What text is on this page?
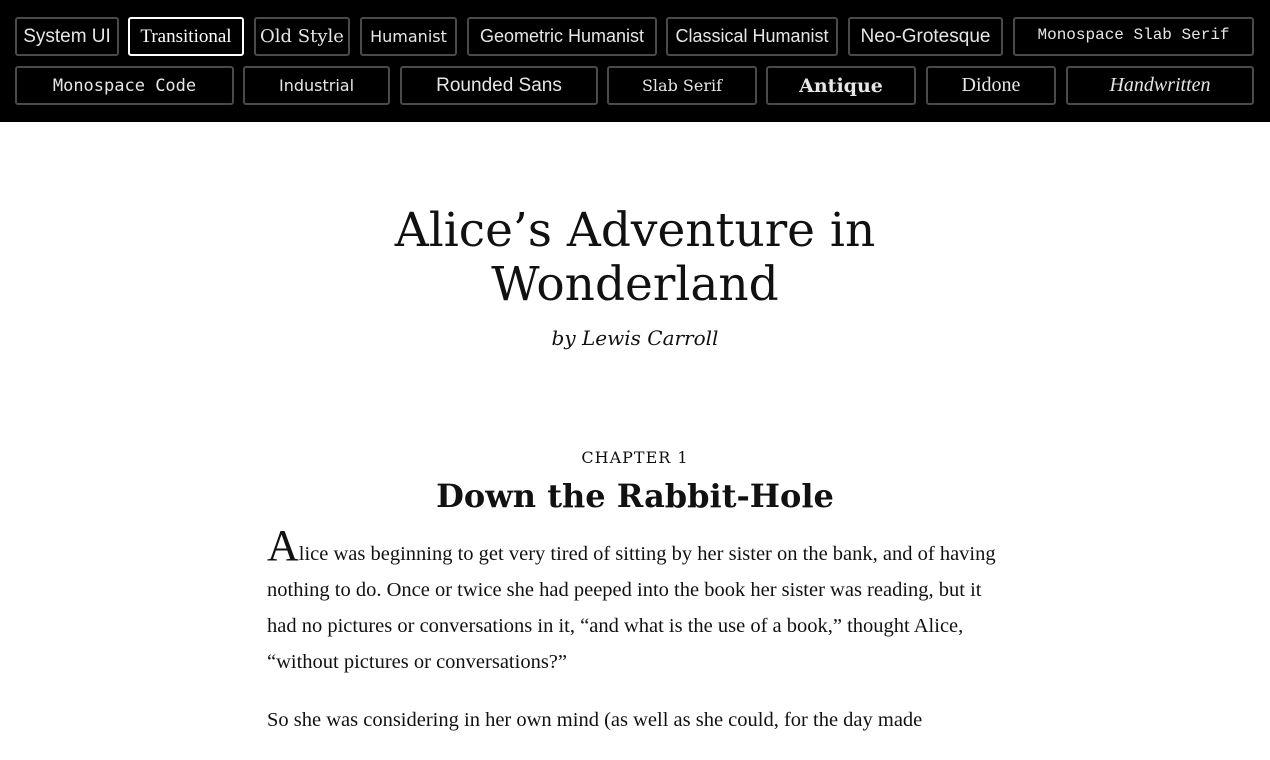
System UI	Transitional	Old Style	Humanist	Geometric Humanist	Classical Humanist	Neo-Grotesque	Monospace Slab Serif
Monospace Code	Industrial	Rounded Sans	Slab Serif	Antique	Didone	Handwritten
Alice’s Adventure in Wonderland
by Lewis Carroll
CHAPTER 1
Down the Rabbit-Hole

Alice was beginning to get very tired of sitting by her sister on the bank, and of having nothing to do. Once or twice she had peeped into the book her sister was reading, but it had no pictures or conversations in it, “and what is the use of a book,” thought Alice, “without pictures or conversations?”

So she was considering in her own mind (as well as she could, for the day made
